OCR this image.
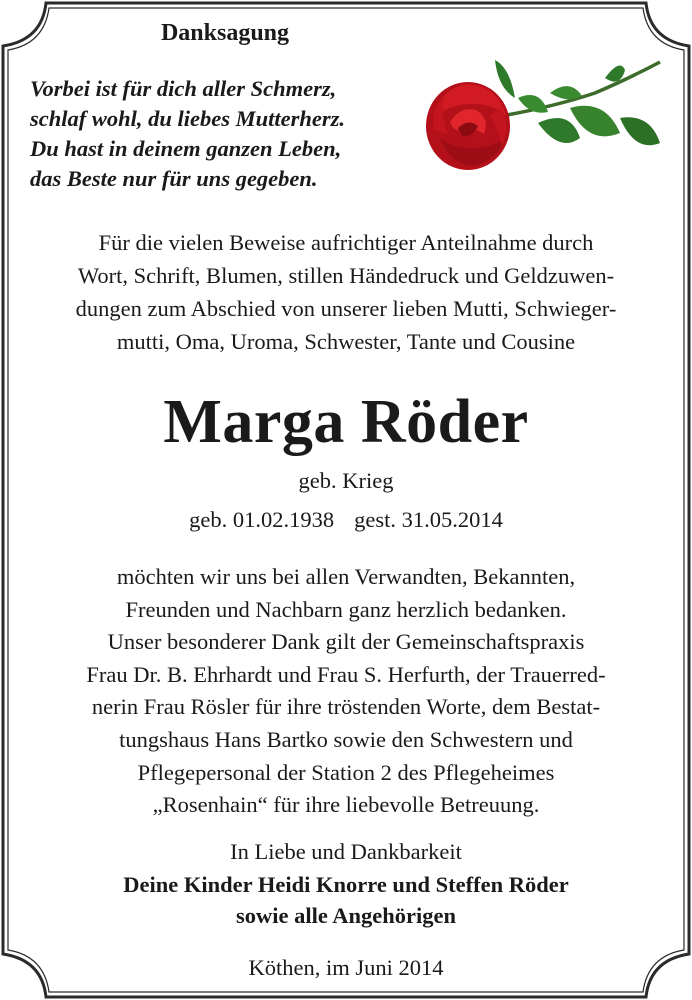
Danksagung
Vorbei ist für dich aller Schmerz,
schlaf wohl, du liebes Mutterherz.
Du hast in deinem ganzen Leben,
das Beste nur für uns gegeben.
Für die vielen Beweise aufrichtiger Anteilnahme durch
Wort, Schrift, Blumen, stillen Händedruck und Geldzuwen-
dungen zum Abschied von unserer lieben Mutti, Schwieger-
mutti, Oma, Uroma, Schwester, Tante und Cousine
Marga Röder
geb. Krieg
geb. 01.02.1938 gest. 31.05.2014
möchten wir uns bei allen Verwandten, Bekannten,
Freunden und Nachbarn ganz herzlich bedanken.
Unser besonderer Dank gilt der Gemeinschaftspraxis
Frau Dr. B. Ehrhardt und Frau S. Herfurth, der Trauerred-
nerin Frau Rösler für ihre tröstenden Worte, dem Bestat-
tungshaus Hans Bartko sowie den Schwestern und
Pflegepersonal der Station 2 des Pflegeheimes
„Rosenhain“ für ihre liebevolle Betreuung.
In Liebe und Dankbarkeit
Deine Kinder Heidi Knorre und Steffen Röder
sowie alle Angehörigen
Köthen, im Juni 2014
